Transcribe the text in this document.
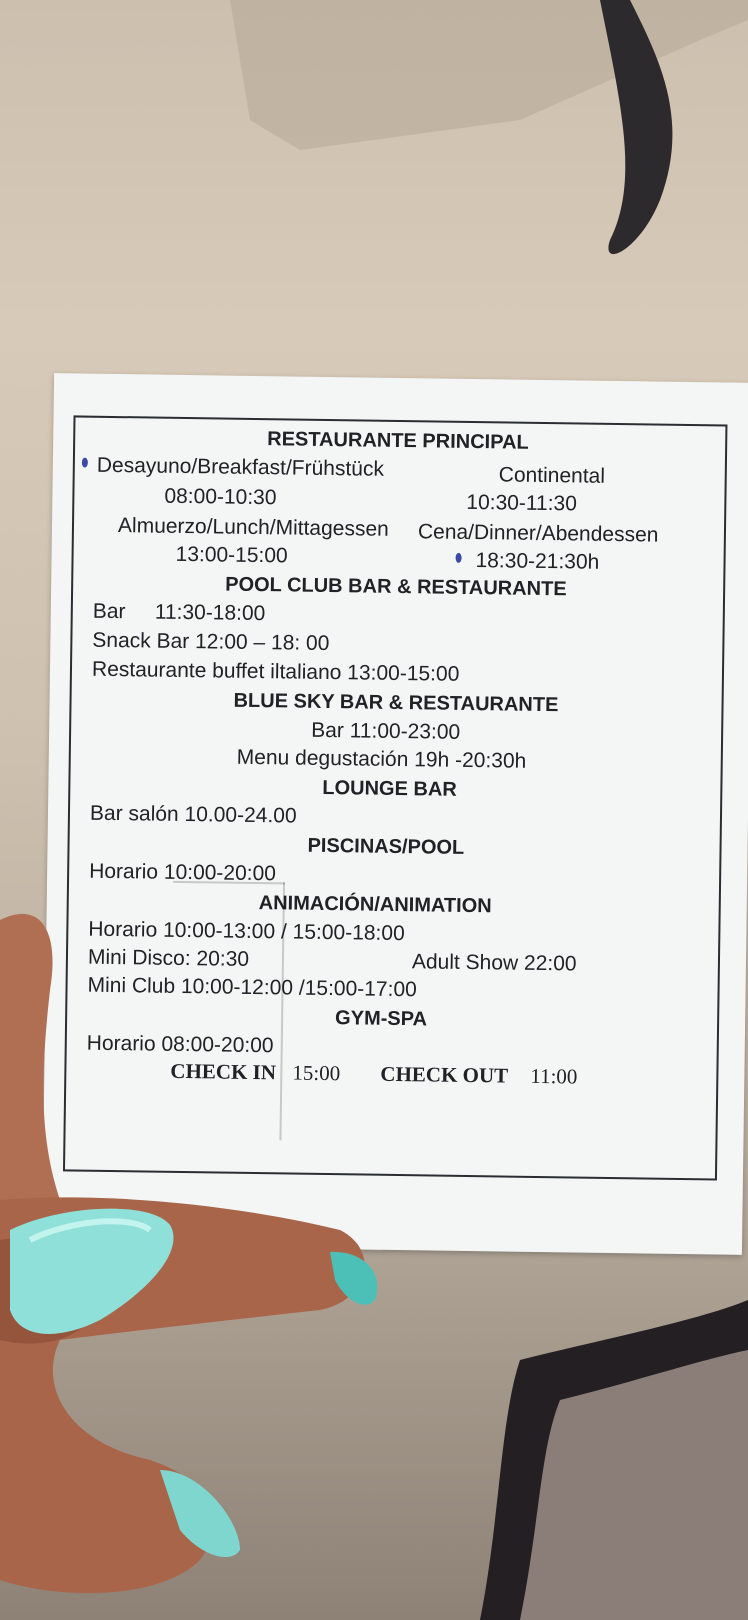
RESTAURANTE PRINCIPAL
Desayuno/Breakfast/Frühstück	Continental
08:00-10:30	10:30-11:30
Almuerzo/Lunch/Mittagessen Cena/Dinner/Abendessen
13:00-15:00	18:30-21:30h
POOL CLUB BAR & RESTAURANTE
Bar 11:30-18:00
Snack Bar 12:00 – 18: 00
Restaurante buffet iltaliano 13:00-15:00
BLUE SKY BAR & RESTAURANTE
Bar 11:00-23:00
Menu degustación 19h -20:30h
LOUNGE BAR
Bar salón 10.00-24.00
PISCINAS/POOL
Horario 10:00-20:00
ANIMACIÓN/ANIMATION
Horario 10:00-13:00 / 15:00-18:00
Mini Disco: 20:30	Adult Show 22:00
Mini Club 10:00-12:00 /15:00-17:00
GYM-SPA
Horario 08:00-20:00
CHECK IN 15:00 CHECK OUT 11:00
